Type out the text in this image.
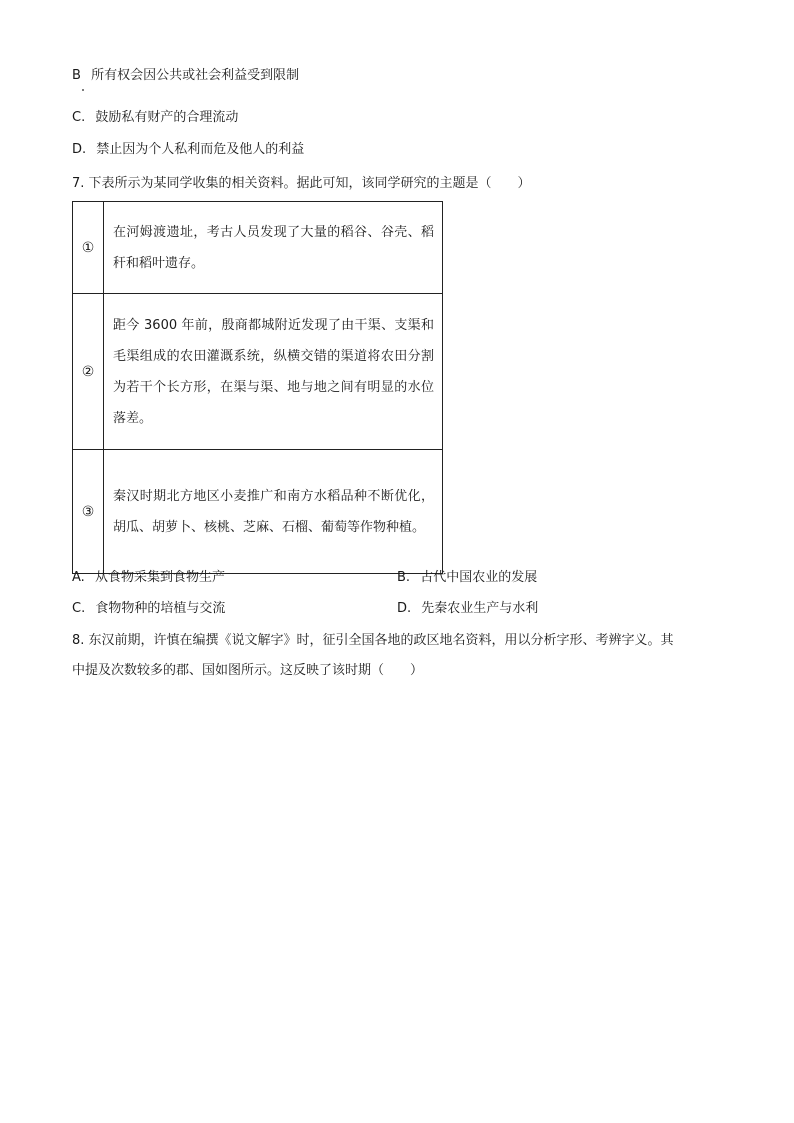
B 所有权会因公共或社会利益受到限制
C. 鼓励私有财产的合理流动
D. 禁止因为个人私利而危及他人的利益
7. 下表所示为某同学收集的相关资料。据此可知，该同学研究的主题是（　　）
①	在河姆渡遗址，考古人员发现了大量的稻谷、谷壳、稻秆和稻叶遗存。
②	距今 3600 年前，殷商都城附近发现了由干渠、支渠和毛渠组成的农田灌溉系统，纵横交错的渠道将农田分割为若干个长方形，在渠与渠、地与地之间有明显的水位落差。
③	秦汉时期北方地区小麦推广和南方水稻品种不断优化，胡瓜、胡萝卜、核桃、芝麻、石榴、葡萄等作物种植。
A. 从食物采集到食物生产	B. 古代中国农业的发展
C. 食物物种的培植与交流	D. 先秦农业生产与水利
8. 东汉前期，许慎在编撰《说文解字》时，征引全国各地的政区地名资料，用以分析字形、考辨字义。其
中提及次数较多的郡、国如图所示。这反映了该时期（　　）
